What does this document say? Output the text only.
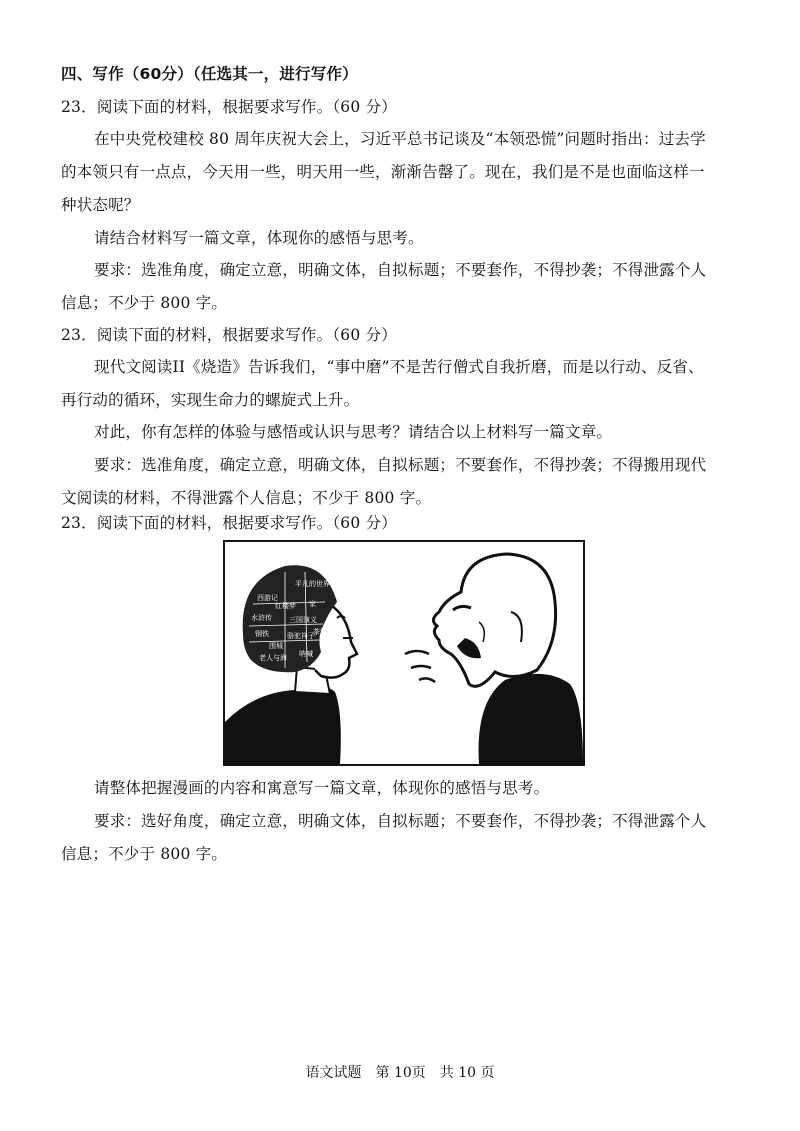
四、写作（60分）（任选其一，进行写作）
23．阅读下面的材料，根据要求写作。（60 分）
在中央党校建校 80 周年庆祝大会上，习近平总书记谈及“本领恐慌”问题时指出：过去学
的本领只有一点点，今天用一些，明天用一些，渐渐告罄了。现在，我们是不是也面临这样一
种状态呢？
请结合材料写一篇文章，体现你的感悟与思考。
要求：选准角度，确定立意，明确文体，自拟标题；不要套作，不得抄袭；不得泄露个人
信息；不少于 800 字。
23．阅读下面的材料，根据要求写作。（60 分）
现代文阅读II《烧造》告诉我们，“事中磨”不是苦行僧式自我折磨，而是以行动、反省、
再行动的循环，实现生命力的螺旋式上升。
对此，你有怎样的体验与感悟或认识与思考？请结合以上材料写一篇文章。
要求：选准角度，确定立意，明确文体，自拟标题；不要套作，不得抄袭；不得搬用现代
文阅读的材料，不得泄露个人信息；不少于 800 字。
23．阅读下面的材料，根据要求写作。（60 分）
西游记
平凡的世界
红楼梦
水浒传 三国演义
钢铁
家
茶馆
围城
骆驼祥子
老人与海 呐喊
请整体把握漫画的内容和寓意写一篇文章，体现你的感悟与思考。
要求：选好角度，确定立意，明确文体，自拟标题；不要套作，不得抄袭；不得泄露个人
信息；不少于 800 字。
语文试题　第 10页　共 10 页
